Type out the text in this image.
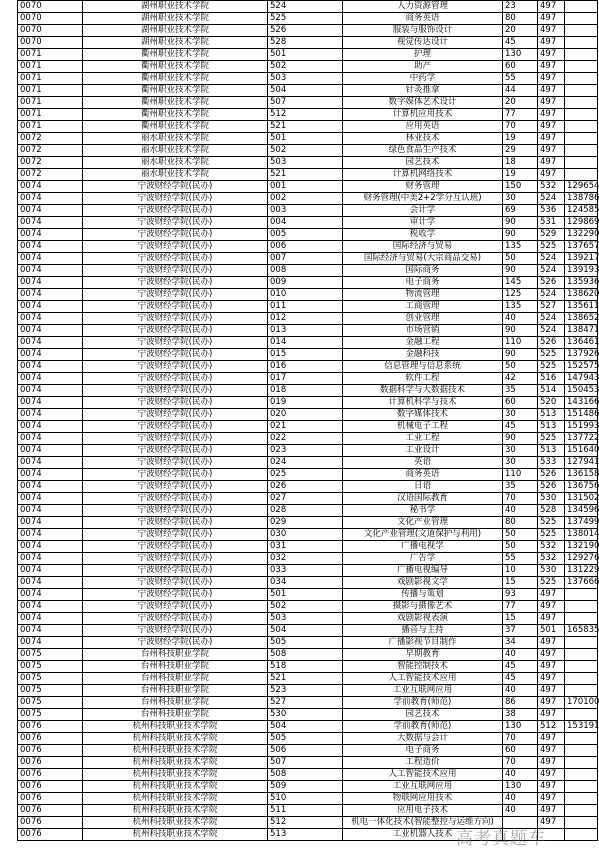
0070	湖州职业技术学院	524	人力资源管理	23	497	
0070	湖州职业技术学院	525	商务英语	80	497	
0070	湖州职业技术学院	526	服装与服饰设计	20	497	
0070	湖州职业技术学院	528	视觉传达设计	45	497	
0071	衢州职业技术学院	501	护理	130	497	
0071	衢州职业技术学院	502	助产	60	497	
0071	衢州职业技术学院	503	中药学	55	497	
0071	衢州职业技术学院	504	针灸推拿	44	497	
0071	衢州职业技术学院	507	数字媒体艺术设计	20	497	
0071	衢州职业技术学院	512	计算机应用技术	77	497	
0071	衢州职业技术学院	521	应用英语	70	497	
0072	丽水职业技术学院	501	林业技术	19	497	
0072	丽水职业技术学院	502	绿色食品生产技术	29	497	
0072	丽水职业技术学院	503	园艺技术	18	497	
0072	丽水职业技术学院	521	计算机网络技术	19	497	
0074	宁波财经学院(民办)	001	财务管理	150	532	129654
0074	宁波财经学院(民办)	002	财务管理(中美2+2学分互认班)	30	524	138786
0074	宁波财经学院(民办)	003	会计学	69	536	124585
0074	宁波财经学院(民办)	004	审计学	90	531	129869
0074	宁波财经学院(民办)	005	税收学	90	529	132290
0074	宁波财经学院(民办)	006	国际经济与贸易	135	525	137657
0074	宁波财经学院(民办)	007	国际经济与贸易(大宗商品交易)	50	524	139217
0074	宁波财经学院(民办)	008	国际商务	90	524	139193
0074	宁波财经学院(民办)	009	电子商务	145	526	135936
0074	宁波财经学院(民办)	010	物流管理	125	524	138620
0074	宁波财经学院(民办)	011	工商管理	135	527	135611
0074	宁波财经学院(民办)	012	创业管理	40	524	138652
0074	宁波财经学院(民办)	013	市场营销	90	524	138471
0074	宁波财经学院(民办)	014	金融工程	110	526	136461
0074	宁波财经学院(民办)	015	金融科技	90	525	137926
0074	宁波财经学院(民办)	016	信息管理与信息系统	50	525	152575
0074	宁波财经学院(民办)	017	软件工程	42	516	147943
0074	宁波财经学院(民办)	018	数据科学与大数据技术	35	514	150453
0074	宁波财经学院(民办)	019	计算机科学与技术	60	520	143166
0074	宁波财经学院(民办)	020	数字媒体技术	30	513	151486
0074	宁波财经学院(民办)	021	机械电子工程	45	513	151993
0074	宁波财经学院(民办)	022	工业工程	90	525	137722
0074	宁波财经学院(民办)	023	工业设计	30	513	151640
0074	宁波财经学院(民办)	024	英语	30	533	127941
0074	宁波财经学院(民办)	025	商务英语	110	526	136158
0074	宁波财经学院(民办)	026	日语	35	526	136756
0074	宁波财经学院(民办)	027	汉语国际教育	70	530	131502
0074	宁波财经学院(民办)	028	秘书学	40	528	134596
0074	宁波财经学院(民办)	029	文化产业管理	80	525	137499
0074	宁波财经学院(民办)	030	文化产业管理(文道保护与利用)	50	525	138014
0074	宁波财经学院(民办)	031	广播电视学	50	532	132190
0074	宁波财经学院(民办)	032	广告学	55	532	129276
0074	宁波财经学院(民办)	033	广播电视编导	10	530	131229
0074	宁波财经学院(民办)	034	戏剧影视文学	15	525	137666
0074	宁波财经学院(民办)	501	传播与策划	93	497	
0074	宁波财经学院(民办)	502	摄影与摄像艺术	77	497	
0074	宁波财经学院(民办)	503	戏剧影视表演	15	497	
0074	宁波财经学院(民办)	504	播音与主持	37	501	165835
0074	宁波财经学院(民办)	505	广播影视节目制作	34	497	
0075	台州科技职业学院	508	早期教育	40	497	
0075	台州科技职业学院	518	智能控制技术	45	497	
0075	台州科技职业学院	521	人工智能技术应用	45	497	
0075	台州科技职业学院	523	工业互联网应用	40	497	
0075	台州科技职业学院	527	学前教育(师范)	86	497	170100
0075	台州科技职业学院	530	园艺技术	38	497	
0076	杭州科技职业技术学院	504	学前教育(师范)	130	512	153191
0076	杭州科技职业技术学院	505	大数据与会计	70	497	
0076	杭州科技职业技术学院	506	电子商务	60	497	
0076	杭州科技职业技术学院	507	工程造价	70	497	
0076	杭州科技职业技术学院	508	人工智能技术应用	40	497	
0076	杭州科技职业技术学院	509	工业互联网应用	130	497	
0076	杭州科技职业技术学院	510	物联网应用技术	40	497	
0076	杭州科技职业技术学院	511	应用电子技术	40	497	
0076	杭州科技职业技术学院	512	机电一体化技术(智能整控与运维方向)		497	
0076	杭州科技职业技术学院	513	工业机器人技术			高考真题车
